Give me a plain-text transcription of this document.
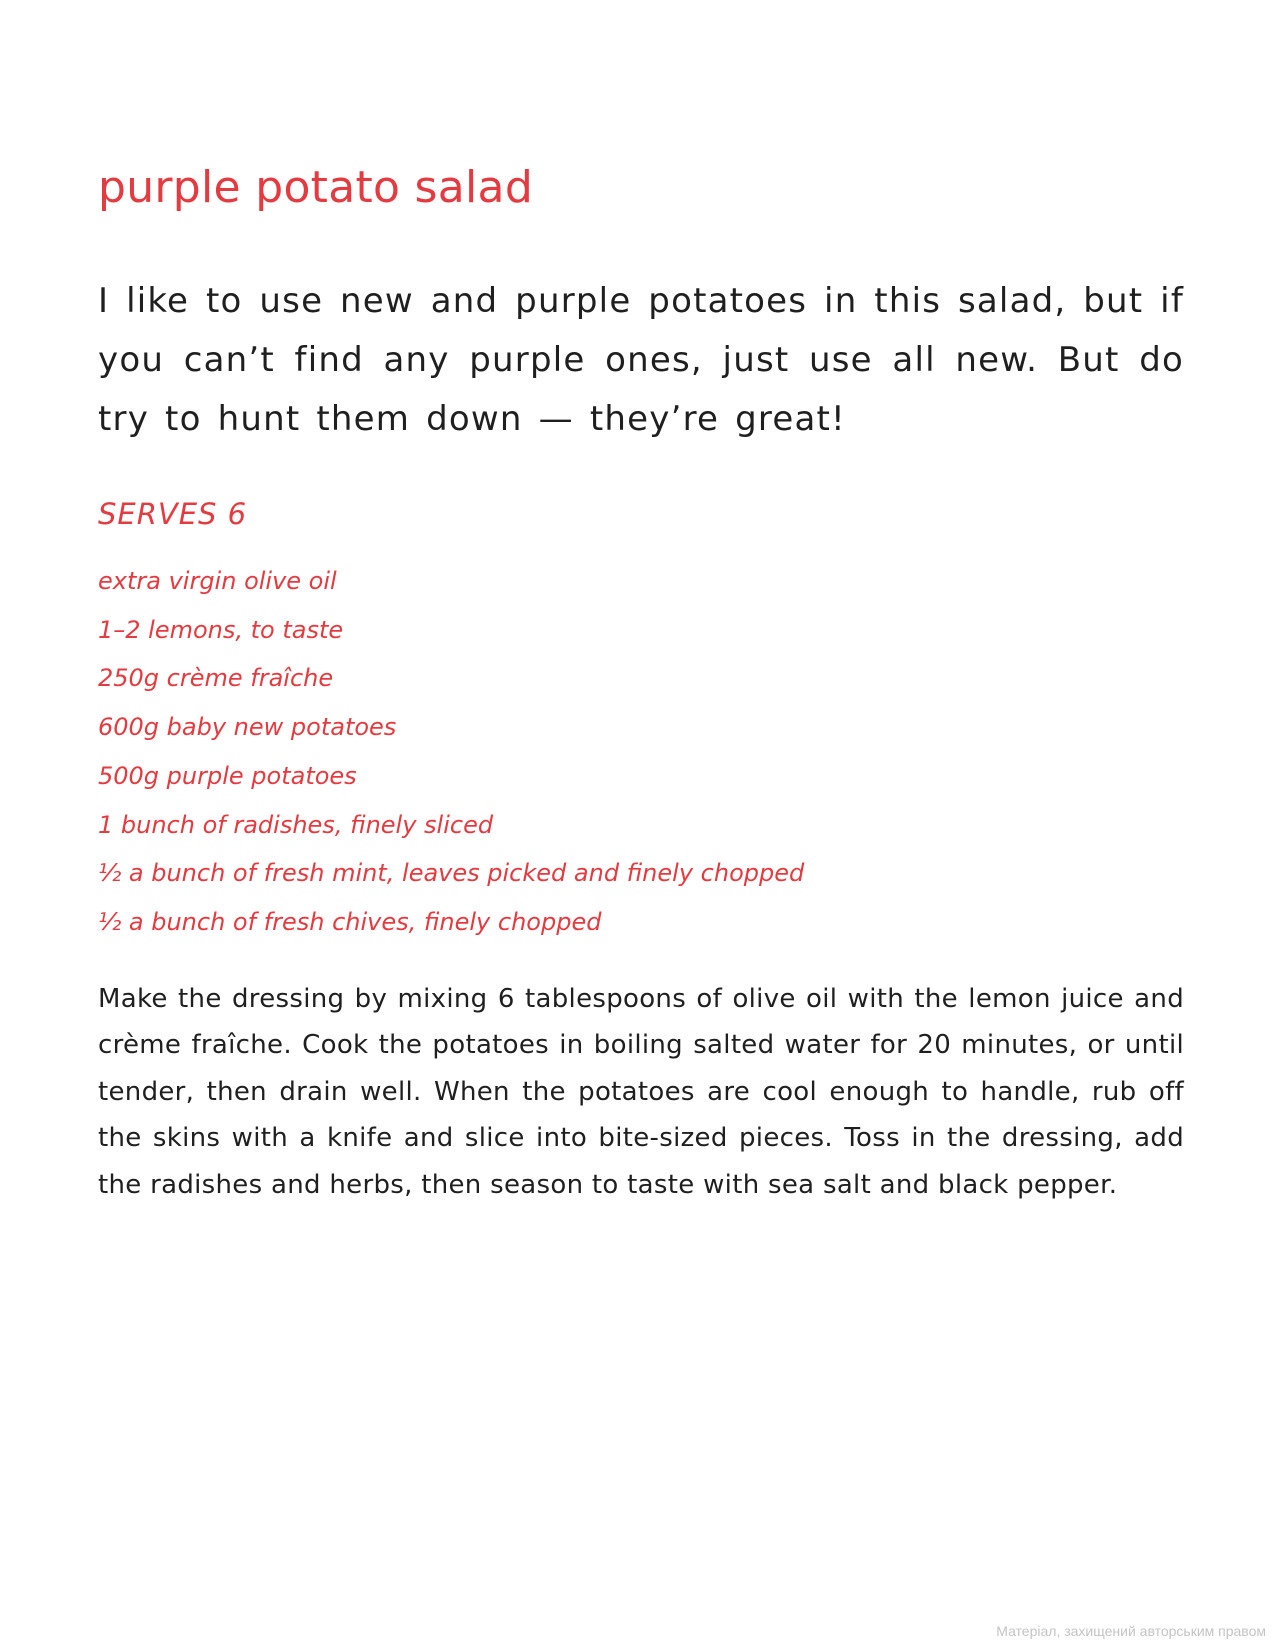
purple potato salad

I like to use new and purple potatoes in this salad, but if you can’t find any purple ones, just use all new. But do try to hunt them down — they’re great!

SERVES 6
extra virgin olive oil
1–2 lemons, to taste
250g crème fraîche
600g baby new potatoes
500g purple potatoes
1 bunch of radishes, finely sliced
½ a bunch of fresh mint, leaves picked and finely chopped
½ a bunch of fresh chives, finely chopped

Make the dressing by mixing 6 tablespoons of olive oil with the lemon juice and crème fraîche. Cook the potatoes in boiling salted water for 20 minutes, or until tender, then drain well. When the potatoes are cool enough to handle, rub off the skins with a knife and slice into bite-sized pieces. Toss in the dressing, add the radishes and herbs, then season to taste with sea salt and black pepper.

Матеріал, захищений авторським правом
